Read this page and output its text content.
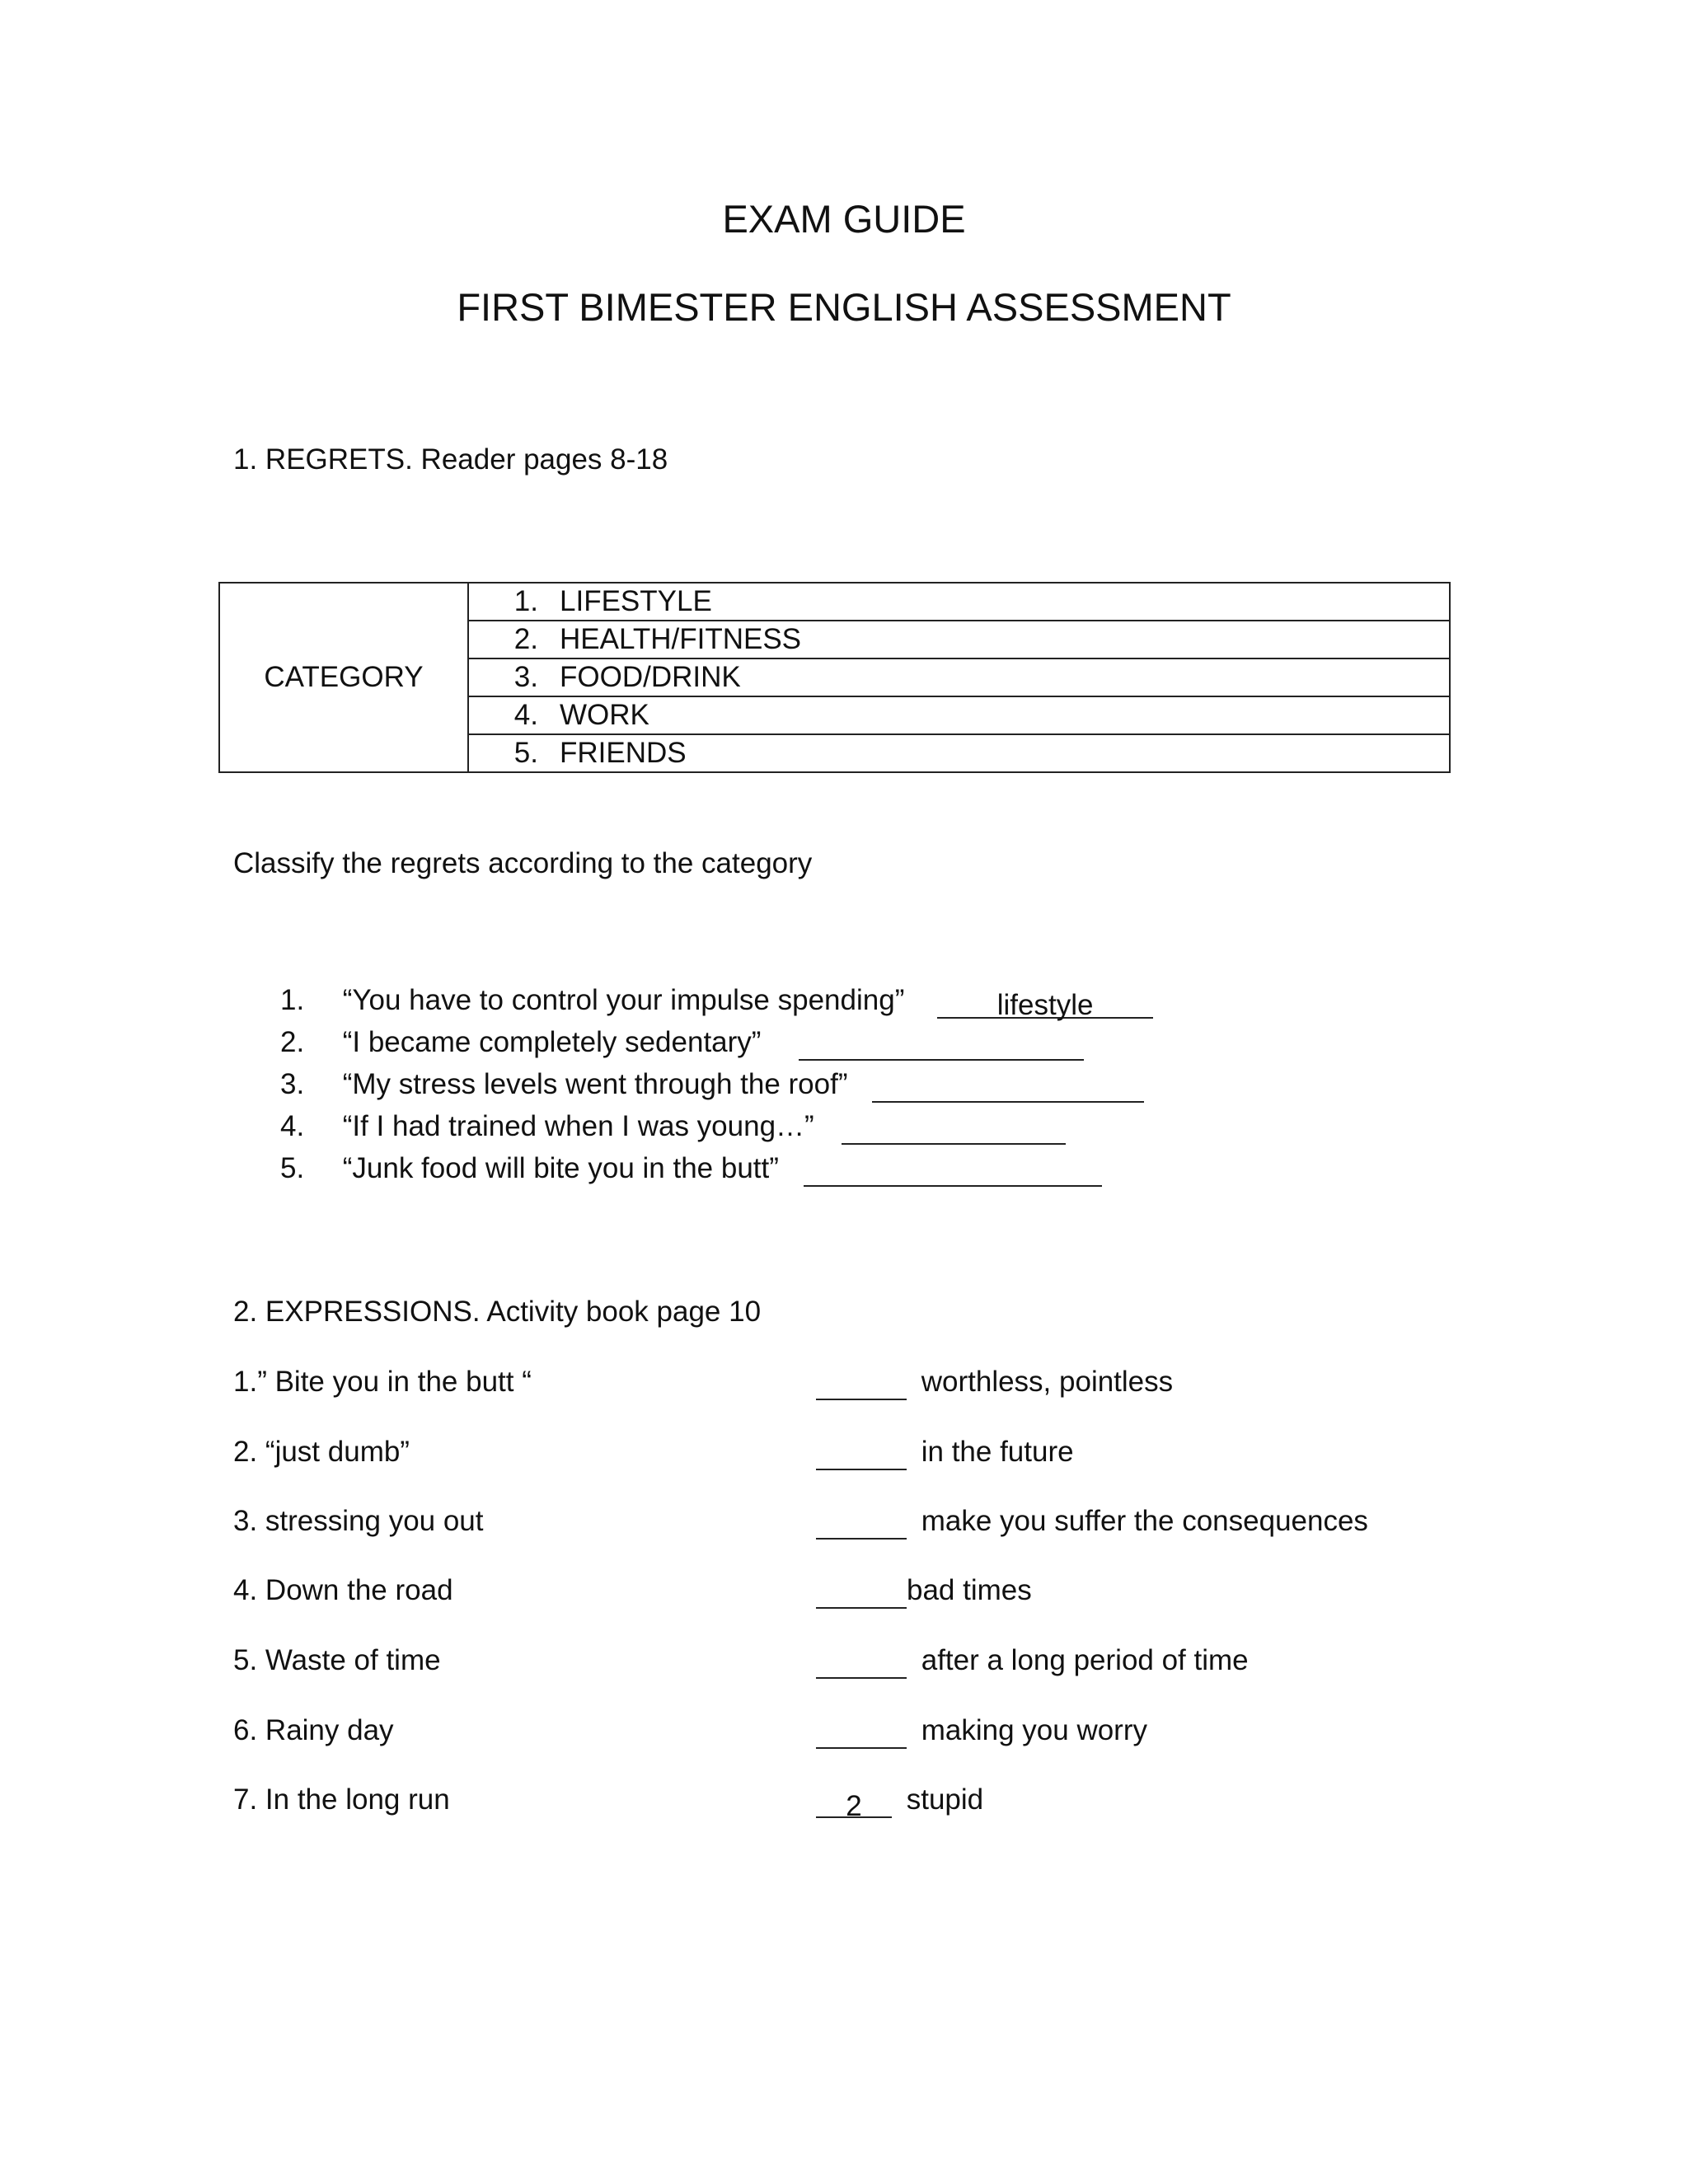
EXAM GUIDE
FIRST BIMESTER ENGLISH ASSESSMENT
1. REGRETS. Reader pages 8-18
CATEGORY
1. LIFESTYLE
2. HEALTH/FITNESS
3. FOOD/DRINK
4. WORK
5. FRIENDS
Classify the regrets according to the category
1. “You have to control your impulse spending”	lifestyle
2. “I became completely sedentary”
3. “My stress levels went through the roof”
4. “If I had trained when I was young…”
5. “Junk food will bite you in the butt”
2. EXPRESSIONS. Activity book page 10
1.” Bite you in the butt “
2. “just dumb”
3. stressing you out
4. Down the road
5. Waste of time
6. Rainy day
7. In the long run
worthless, pointless
in the future
make you suffer the consequences
bad times
after a long period of time
making you worry
2 stupid
